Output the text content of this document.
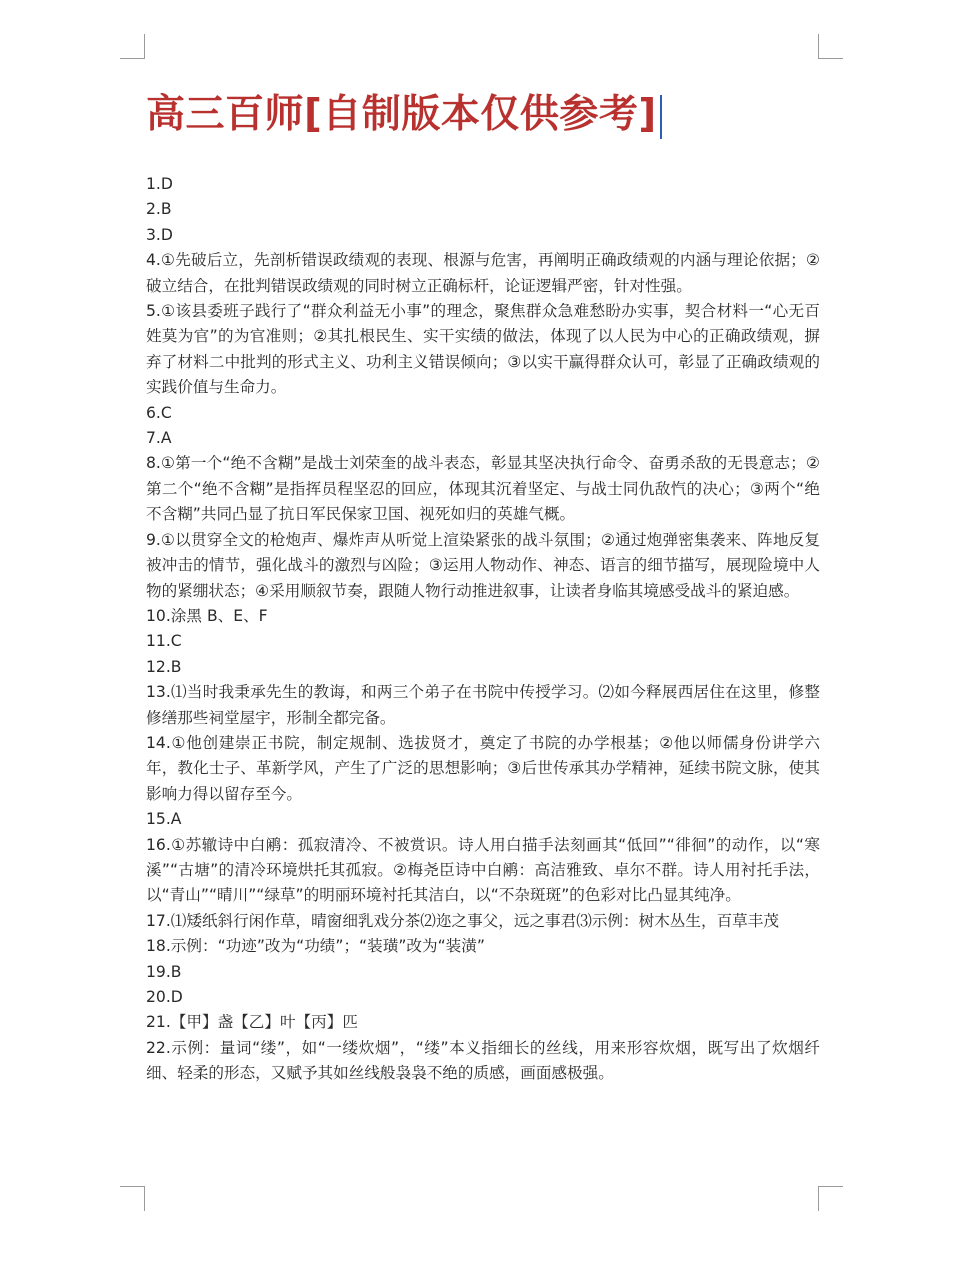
高三百师[自制版本仅供参考]
1.D
2.B
3.D
4.①先破后立，先剖析错误政绩观的表现、根源与危害，再阐明正确政绩观的内涵与理论依据；②破立结合，在批判错误政绩观的同时树立正确标杆，论证逻辑严密，针对性强。
5.①该县委班子践行了“群众利益无小事”的理念，聚焦群众急难愁盼办实事，契合材料一“心无百姓莫为官”的为官准则；②其扎根民生、实干实绩的做法，体现了以人民为中心的正确政绩观，摒弃了材料二中批判的形式主义、功利主义错误倾向；③以实干赢得群众认可，彰显了正确政绩观的实践价值与生命力。
6.C
7.A
8.①第一个“绝不含糊”是战士刘荣奎的战斗表态，彰显其坚决执行命令、奋勇杀敌的无畏意志；②第二个“绝不含糊”是指挥员程坚忍的回应，体现其沉着坚定、与战士同仇敌忾的决心；③两个“绝不含糊”共同凸显了抗日军民保家卫国、视死如归的英雄气概。
9.①以贯穿全文的枪炮声、爆炸声从听觉上渲染紧张的战斗氛围；②通过炮弹密集袭来、阵地反复被冲击的情节，强化战斗的激烈与凶险；③运用人物动作、神态、语言的细节描写，展现险境中人物的紧绷状态；④采用顺叙节奏，跟随人物行动推进叙事，让读者身临其境感受战斗的紧迫感。
10.涂黑 B、E、F
11.C
12.B
13.⑴当时我秉承先生的教诲，和两三个弟子在书院中传授学习。⑵如今释展西居住在这里，修整修缮那些祠堂屋宇，形制全都完备。
14.①他创建崇正书院，制定规制、选拔贤才，奠定了书院的办学根基；②他以师儒身份讲学六年，教化士子、革新学风，产生了广泛的思想影响；③后世传承其办学精神，延续书院文脉，使其影响力得以留存至今。
15.A
16.①苏辙诗中白鹇：孤寂清冷、不被赏识。诗人用白描手法刻画其“低回”“徘徊”的动作，以“寒溪”“古塘”的清冷环境烘托其孤寂。②梅尧臣诗中白鹇：高洁雅致、卓尔不群。诗人用衬托手法，以“青山”“晴川”“绿草”的明丽环境衬托其洁白，以“不杂斑斑”的色彩对比凸显其纯净。
17.⑴矮纸斜行闲作草，晴窗细乳戏分茶⑵迩之事父，远之事君⑶示例：树木丛生，百草丰茂
18.示例：“功迹”改为“功绩”；“装璜”改为“装潢”
19.B
20.D
21.【甲】盏【乙】叶【丙】匹
22.示例：量词“缕”，如“一缕炊烟”，“缕”本义指细长的丝线，用来形容炊烟，既写出了炊烟纤细、轻柔的形态，又赋予其如丝线般袅袅不绝的质感，画面感极强。
